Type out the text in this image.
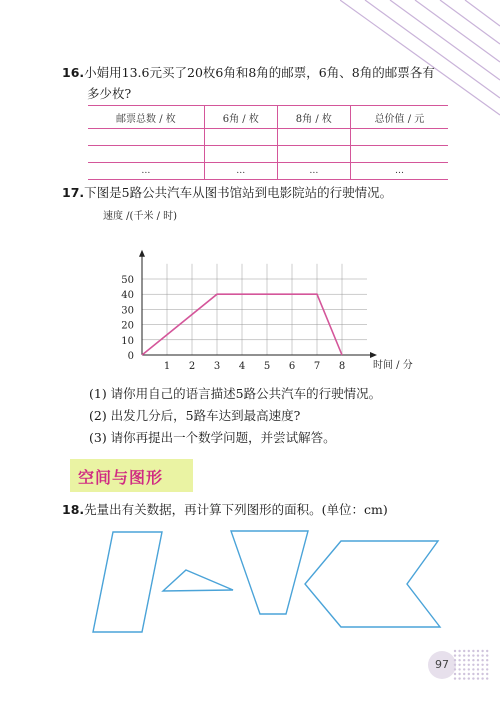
16.小娟用13.6元买了20枚6角和8角的邮票，6角、8角的邮票各有
多少枚?
邮票总数 / 枚	6角 / 枚	8角 / 枚	总价值 / 元

…	…	…	…
17.下图是5路公共汽车从图书馆站到电影院站的行驶情况。
速度 /(千米 / 时)
时间 / 分
1 2 3 4 5 6 7 8
0
10
20
30
40
50
(1) 请你用自己的语言描述5路公共汽车的行驶情况。
(2) 出发几分后，5路车达到最高速度?
(3) 请你再提出一个数学问题，并尝试解答。
空间与图形
18.先量出有关数据，再计算下列图形的面积。(单位：cm)
97
